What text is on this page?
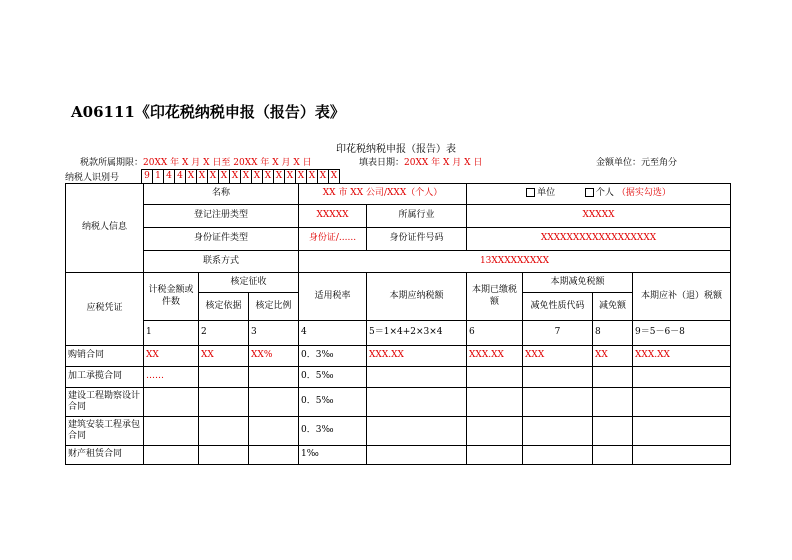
A06111《印花税纳税申报（报告）表》
印花税纳税申报（报告）表
税款所属期限：20XX 年 X 月 X 日至 20XX 年 X 月 X 日	填表日期：20XX 年 X 月 X 日	金额单位：元至角分
纳税人识别号	9 1 4 4 X X X X X X X X X X X X X X
纳税人信息	名称			XX 市 XX 公司/XXX（个人）		单位 个人 （据实勾选）			
	登记注册类型			XXXXX	所属行业	XXXXX			
	身份证件类型			身份证/......	身份证件号码	XXXXXXXXXXXXXXXXXX			
	联系方式			13XXXXXXXXX					
应税凭证	计税金额或件数	核定征收		适用税率	本期应纳税额	本期已缴税额	本期减免税额		本期应补（退）税额
		核定依据	核定比例				减免性质代码	减免额	
	1	2	3	4	5＝1×4+2×3×4	6	7	8	9＝5－6－8
购销合同	XX	XX	XX%	0．3‰	XXX.XX	XXX.XX	XXX	XX	XXX.XX
加工承揽合同	……			0．5‰					
建设工程勘察设计合同				0．5‰					
建筑安装工程承包合同				0．3‰					
财产租赁合同				1‰					
